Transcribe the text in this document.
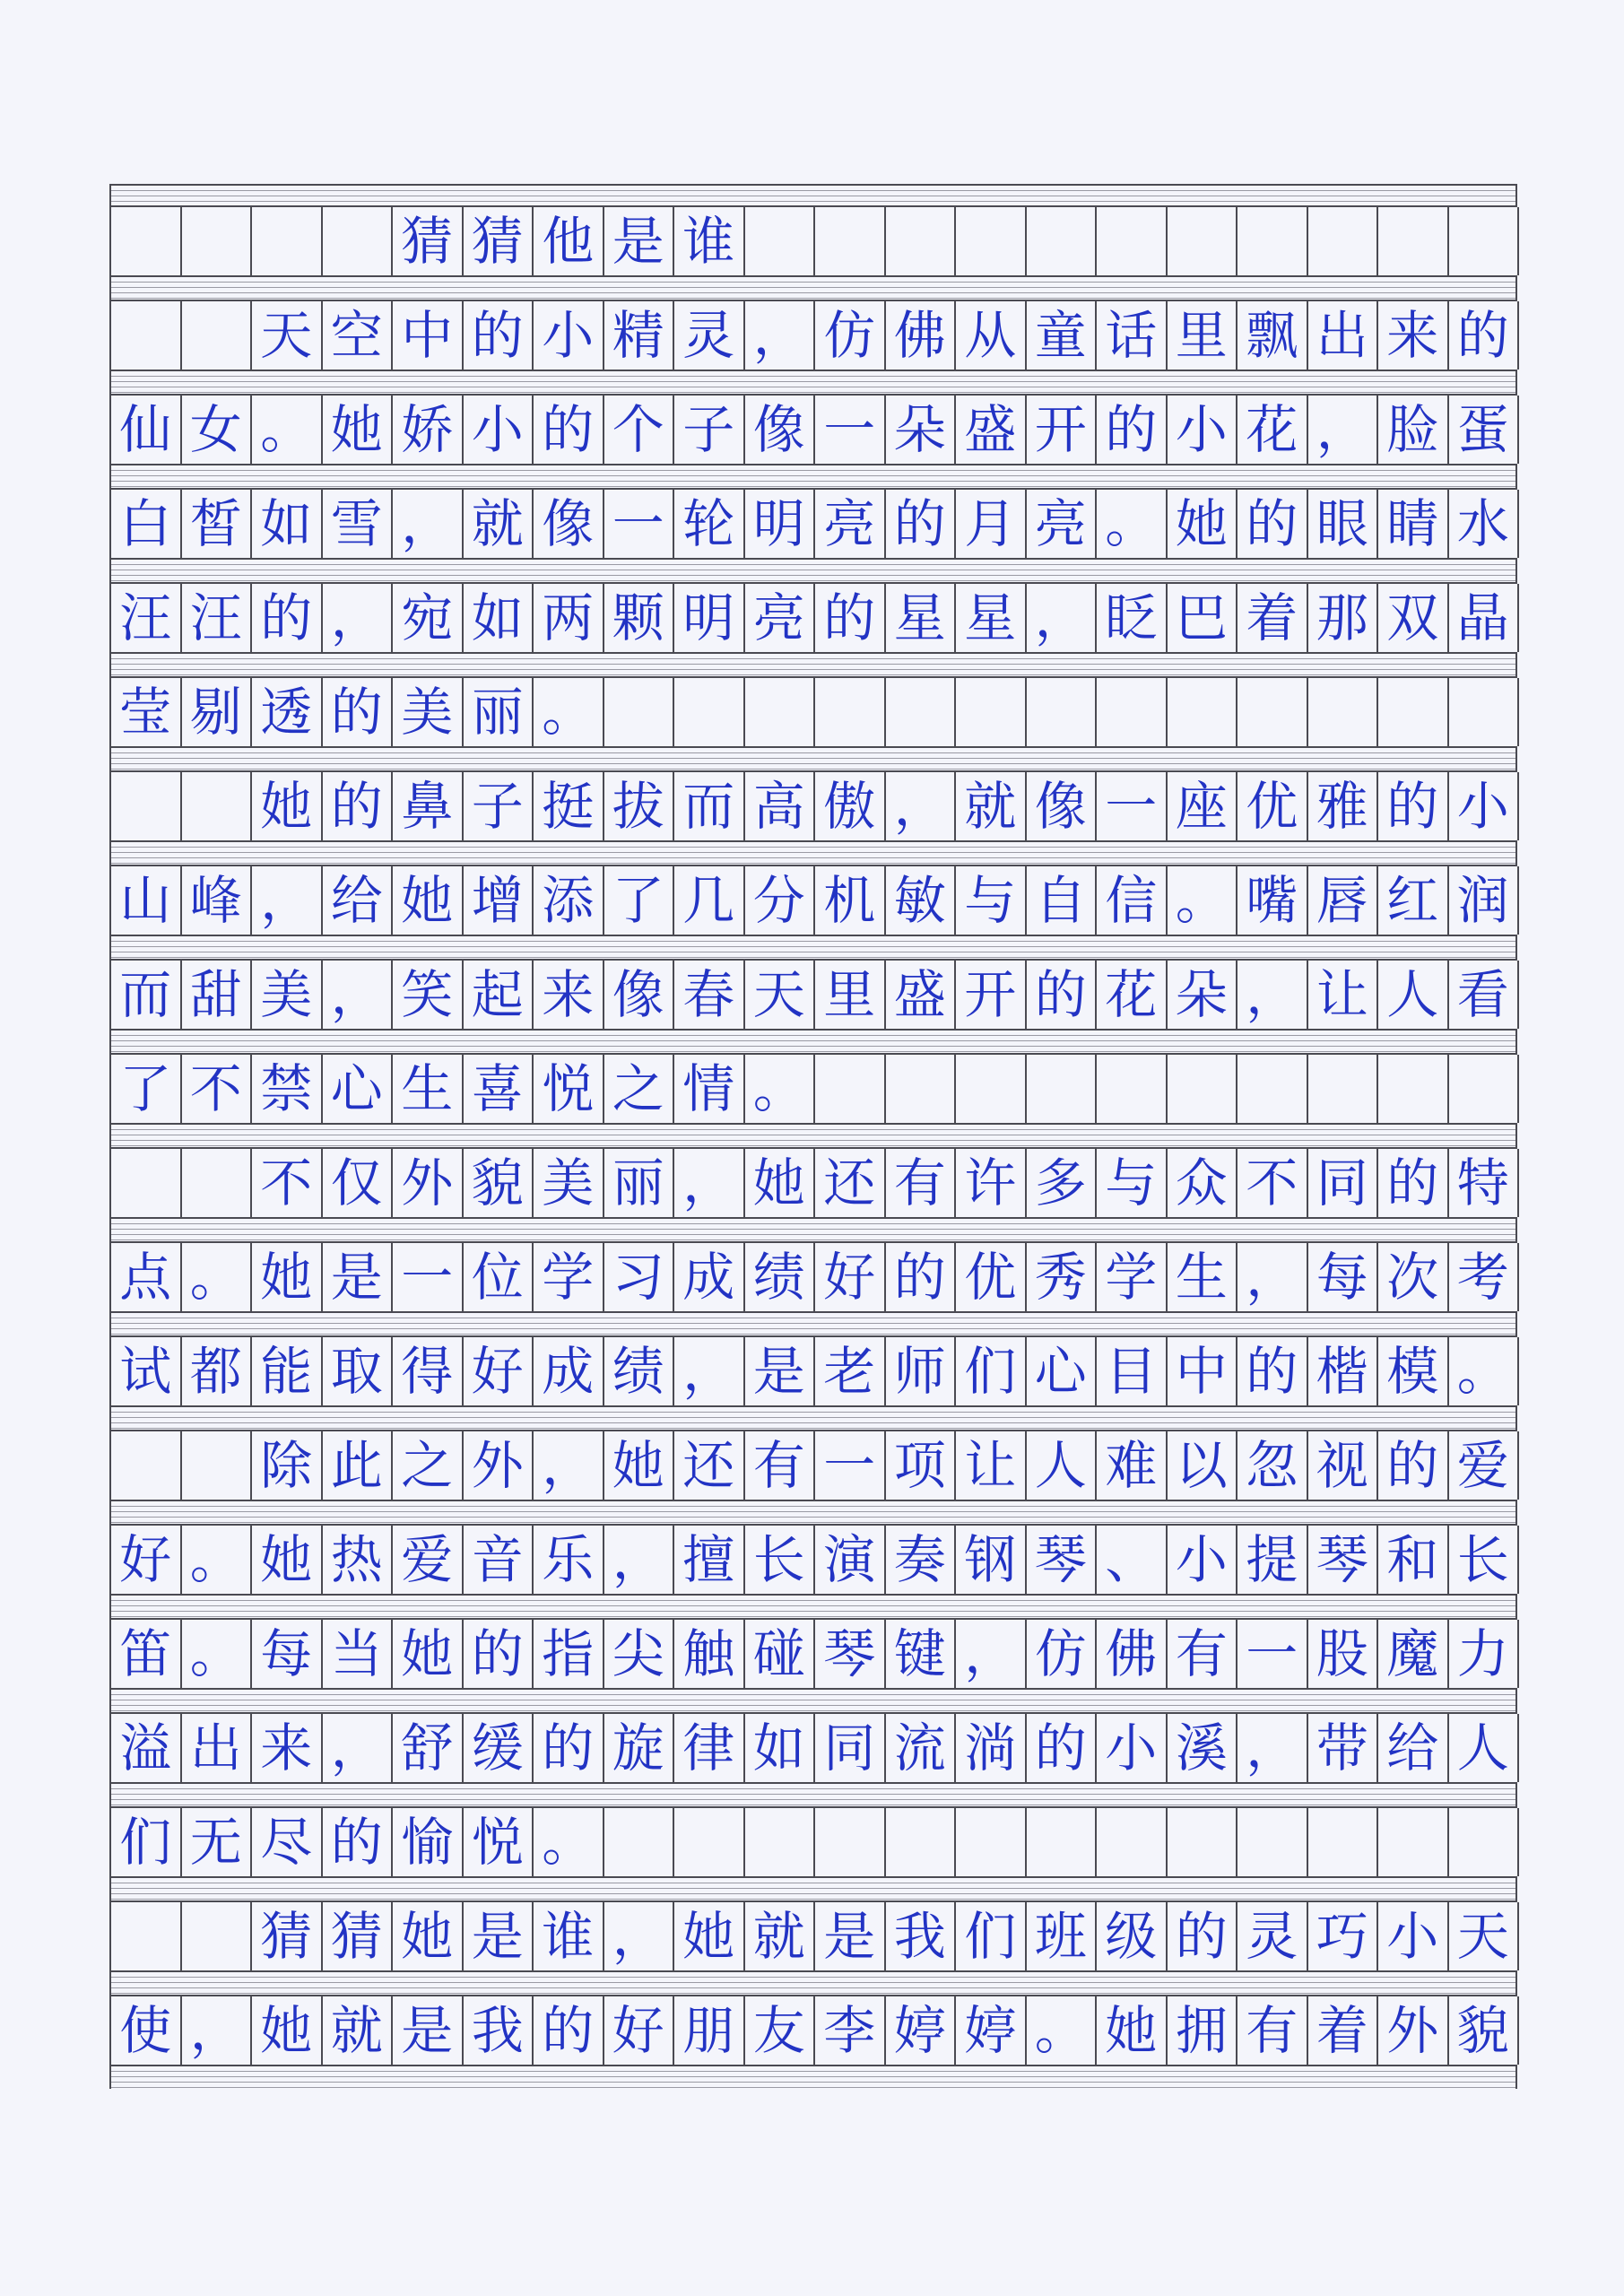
猜 猜 他 是 谁
天 空 中 的 小 精 灵 ， 仿 佛 从 童 话 里 飘 出 来 的
仙 女 。 她 娇 小 的 个 子 像 一 朵 盛 开 的 小 花 ， 脸 蛋
白 皙 如 雪 ， 就 像 一 轮 明 亮 的 月 亮 。 她 的 眼 睛 水
汪 汪 的 ， 宛 如 两 颗 明 亮 的 星 星 ， 眨 巴 着 那 双 晶
莹 剔 透 的 美 丽 。
她 的 鼻 子 挺 拔 而 高 傲 ， 就 像 一 座 优 雅 的 小
山 峰 ， 给 她 增 添 了 几 分 机 敏 与 自 信 。 嘴 唇 红 润
而 甜 美 ， 笑 起 来 像 春 天 里 盛 开 的 花 朵 ， 让 人 看
了 不 禁 心 生 喜 悦 之 情 。
不 仅 外 貌 美 丽 ， 她 还 有 许 多 与 众 不 同 的 特
点 。 她 是 一 位 学 习 成 绩 好 的 优 秀 学 生 ， 每 次 考
试 都 能 取 得 好 成 绩 ， 是 老 师 们 心 目 中 的 楷 模 。
除 此 之 外 ， 她 还 有 一 项 让 人 难 以 忽 视 的 爱
好 。 她 热 爱 音 乐 ， 擅 长 演 奏 钢 琴 、 小 提 琴 和 长
笛 。 每 当 她 的 指 尖 触 碰 琴 键 ， 仿 佛 有 一 股 魔 力
溢 出 来 ， 舒 缓 的 旋 律 如 同 流 淌 的 小 溪 ， 带 给 人
们 无 尽 的 愉 悦 。
猜 猜 她 是 谁 ， 她 就 是 我 们 班 级 的 灵 巧 小 天
使 ， 她 就 是 我 的 好 朋 友 李 婷 婷 。 她 拥 有 着 外 貌
